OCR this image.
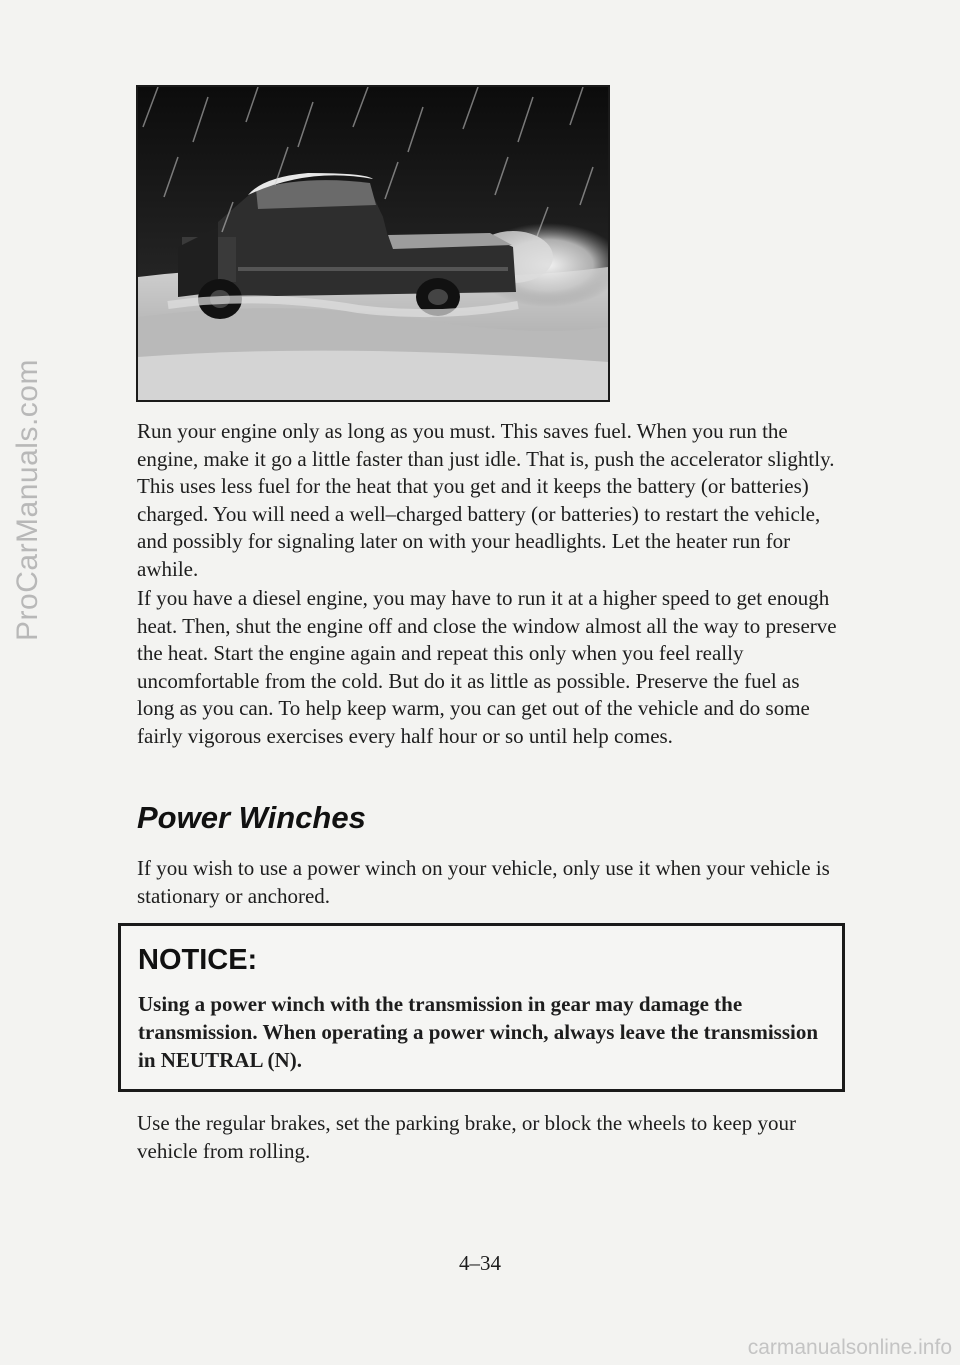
ProCarManuals.com	Run your engine only as long as you must. This saves fuel. When you run the engine, make it go a little faster than just idle. That is, push the accelerator slightly. This uses less fuel for the heat that you get and it keeps the battery (or batteries) charged. You will need a well–charged battery (or batteries) to restart the vehicle, and possibly for signaling later on with your headlights. Let the heater run for awhile.

If you have a diesel engine, you may have to run it at a higher speed to get enough heat. Then, shut the engine off and close the window almost all the way to preserve the heat. Start the engine again and repeat this only when you feel really uncomfortable from the cold. But do it as little as possible. Preserve the fuel as long as you can. To help keep warm, you can get out of the vehicle and do some fairly vigorous exercises every half hour or so until help comes.

Power Winches

If you wish to use a power winch on your vehicle, only use it when your vehicle is stationary or anchored.

NOTICE:

Using a power winch with the transmission in gear may damage the transmission. When operating a power winch, always leave the transmission in NEUTRAL (N).

Use the regular brakes, set the parking brake, or block the wheels to keep your vehicle from rolling.

4–34
carmanualsonline.info
